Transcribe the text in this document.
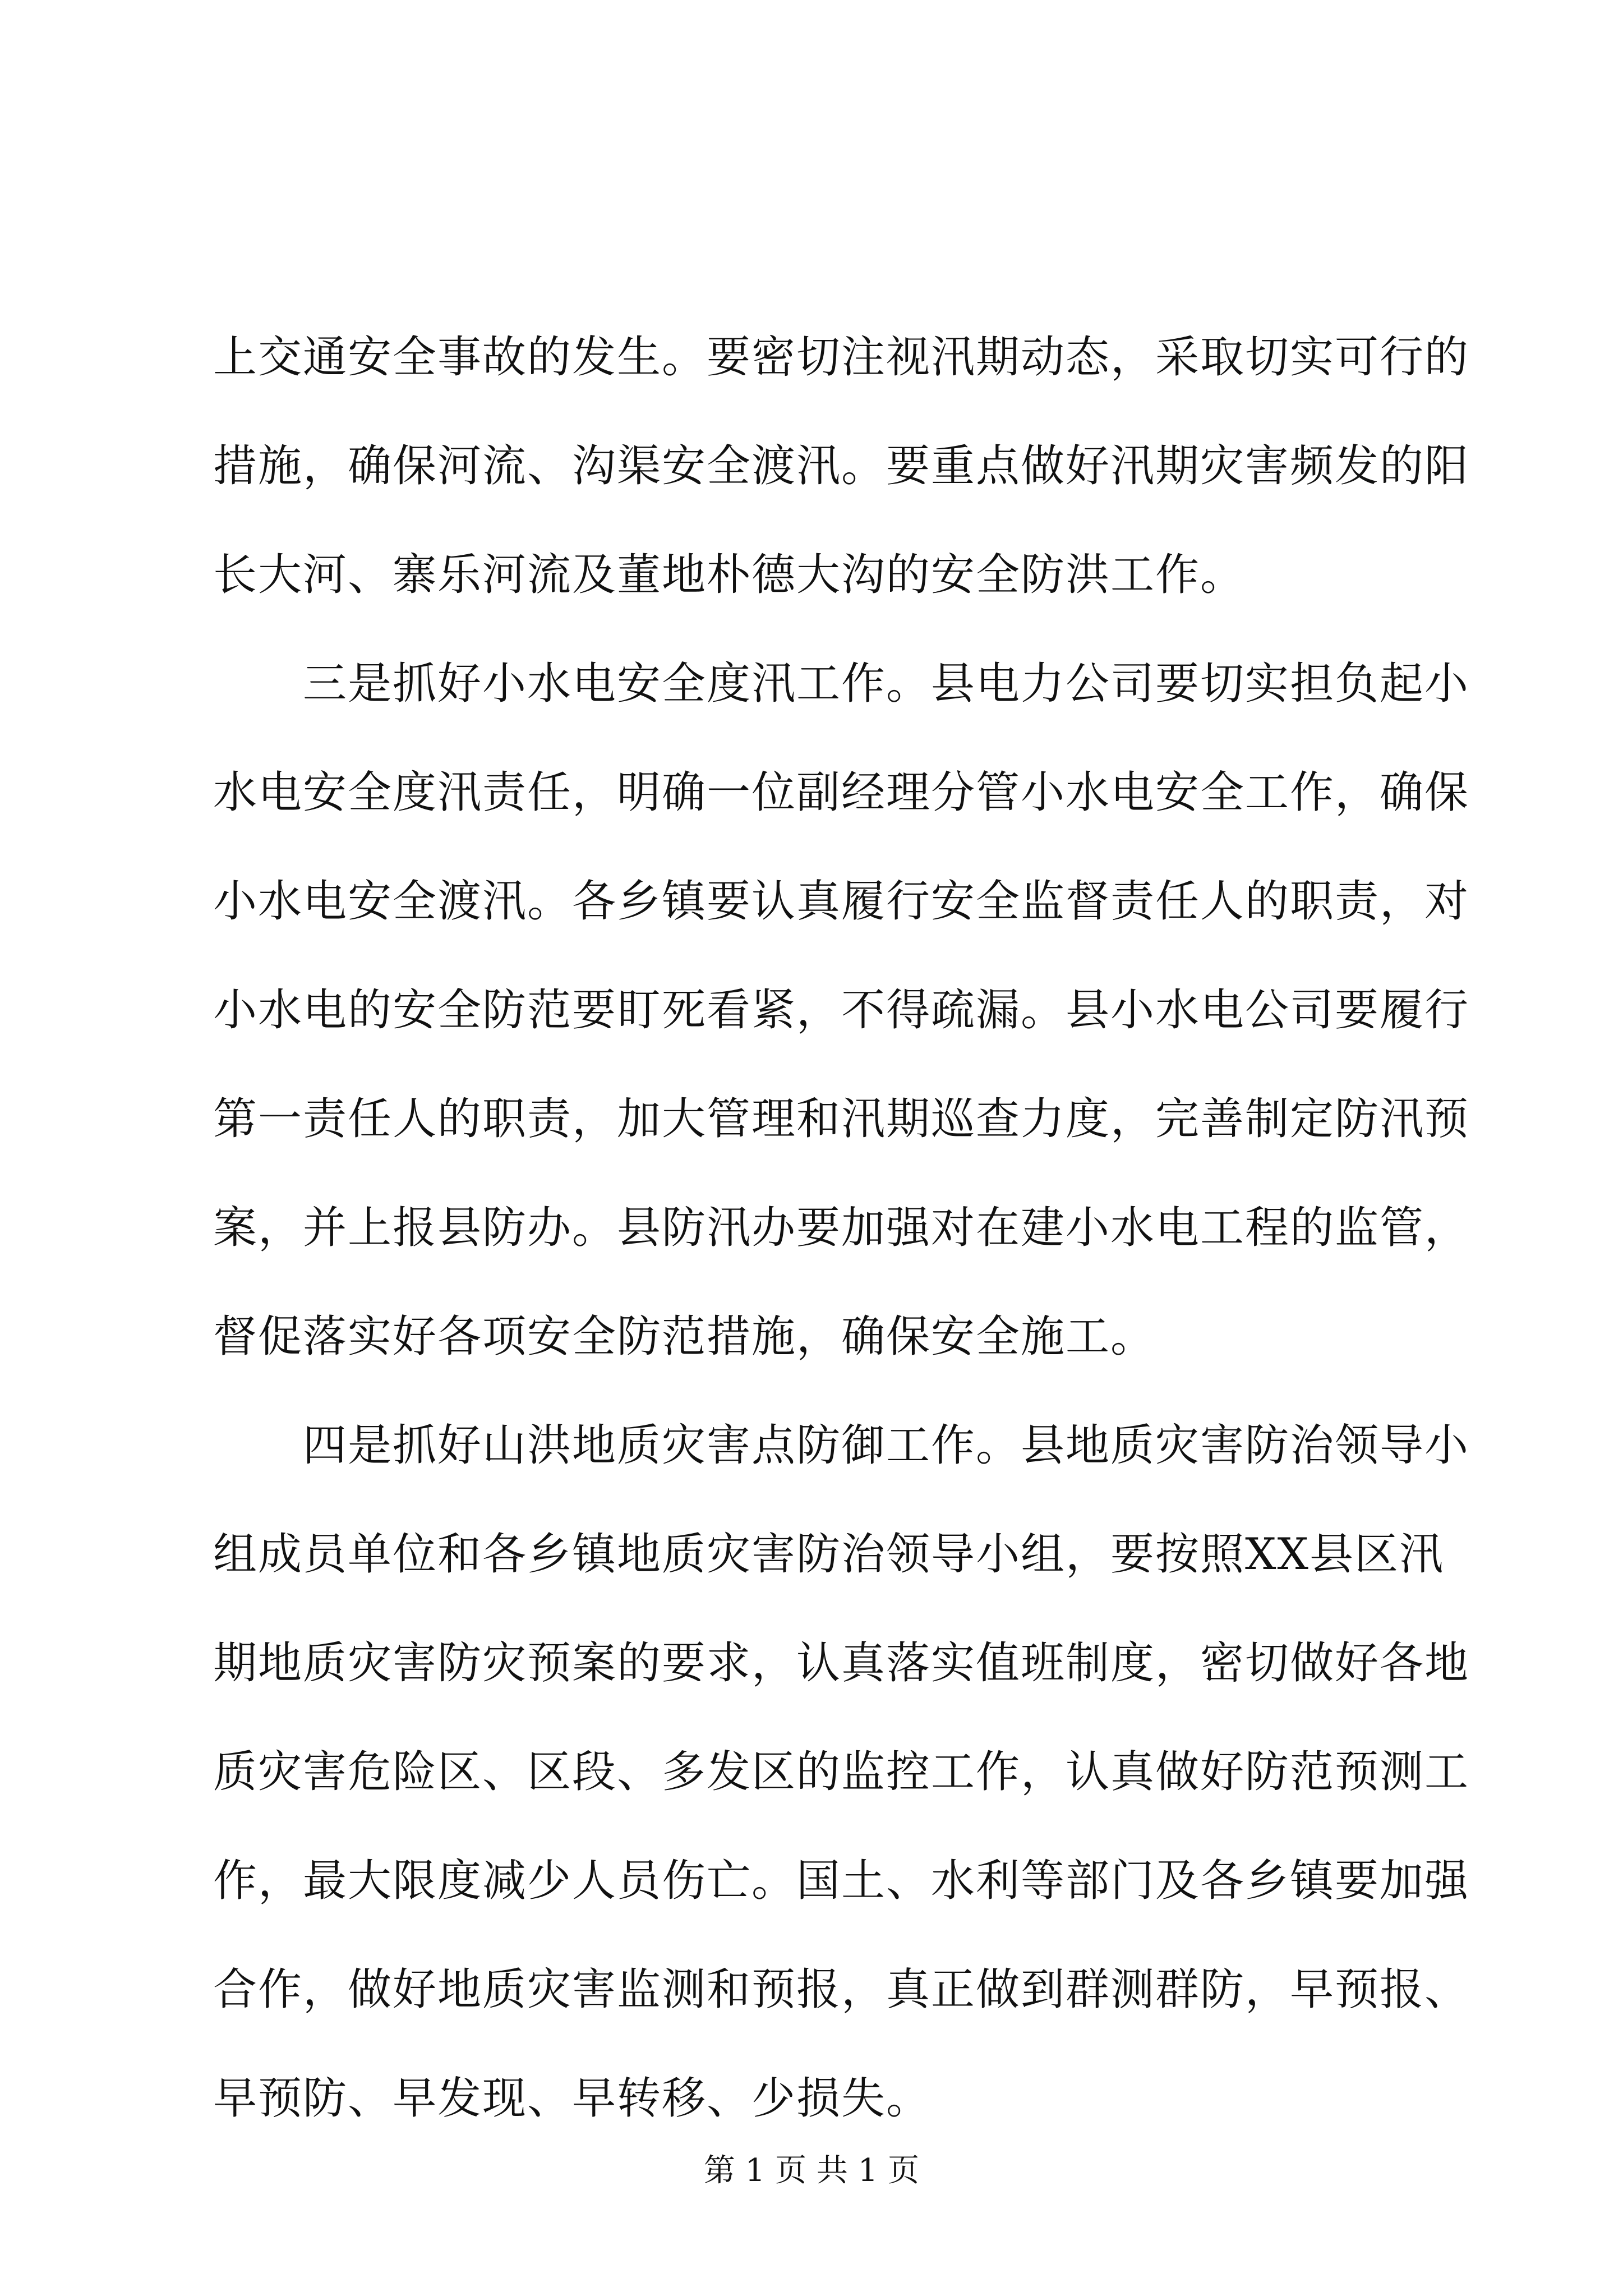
上交通安全事故的发生。要密切注视汛期动态，采取切实可行的
措施，确保河流、沟渠安全渡汛。要重点做好汛期灾害频发的阳
长大河、寨乐河流及董地朴德大沟的安全防洪工作。
　　三是抓好小水电安全度汛工作。县电力公司要切实担负起小
水电安全度汛责任，明确一位副经理分管小水电安全工作，确保
小水电安全渡汛。各乡镇要认真履行安全监督责任人的职责，对
小水电的安全防范要盯死看紧，不得疏漏。县小水电公司要履行
第一责任人的职责，加大管理和汛期巡查力度，完善制定防汛预
案，并上报县防办。县防汛办要加强对在建小水电工程的监管，
督促落实好各项安全防范措施，确保安全施工。
　　四是抓好山洪地质灾害点防御工作。县地质灾害防治领导小
组成员单位和各乡镇地质灾害防治领导小组，要按照XX县区汛
期地质灾害防灾预案的要求，认真落实值班制度，密切做好各地
质灾害危险区、区段、多发区的监控工作，认真做好防范预测工
作，最大限度减少人员伤亡。国土、水利等部门及各乡镇要加强
合作，做好地质灾害监测和预报，真正做到群测群防，早预报、
早预防、早发现、早转移、少损失。
第 1 页 共 1 页
